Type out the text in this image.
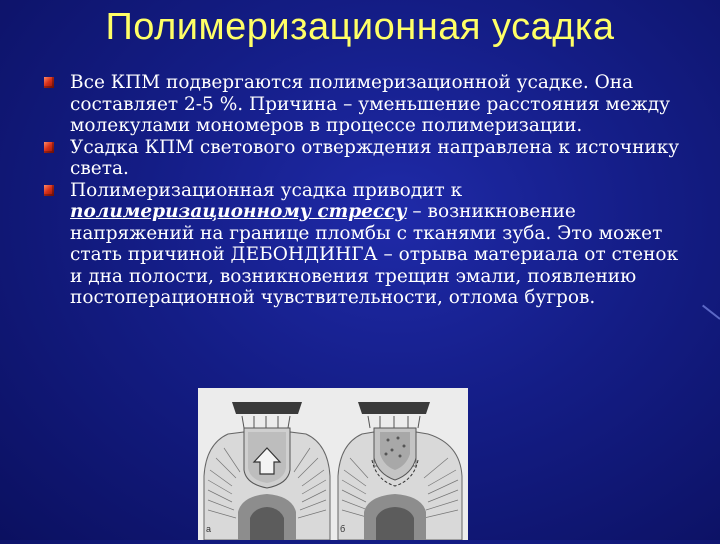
Полимеризационная усадка
Все КПМ подвергаются полимеризационной усадке. Она составляет 2-5 %. Причина – уменьшение расстояния между молекулами мономеров в процессе полимеризации.
Усадка КПМ светового отверждения направлена к источнику света.
Полимеризационная усадка приводит к полимеризационному стрессу – возникновение напряжений на границе пломбы с тканями зуба. Это может стать причиной ДЕБОНДИНГА – отрыва материала от стенок и дна полости, возникновения трещин эмали, появлению постоперационной чувствительности, отлома бугров.
а	б
